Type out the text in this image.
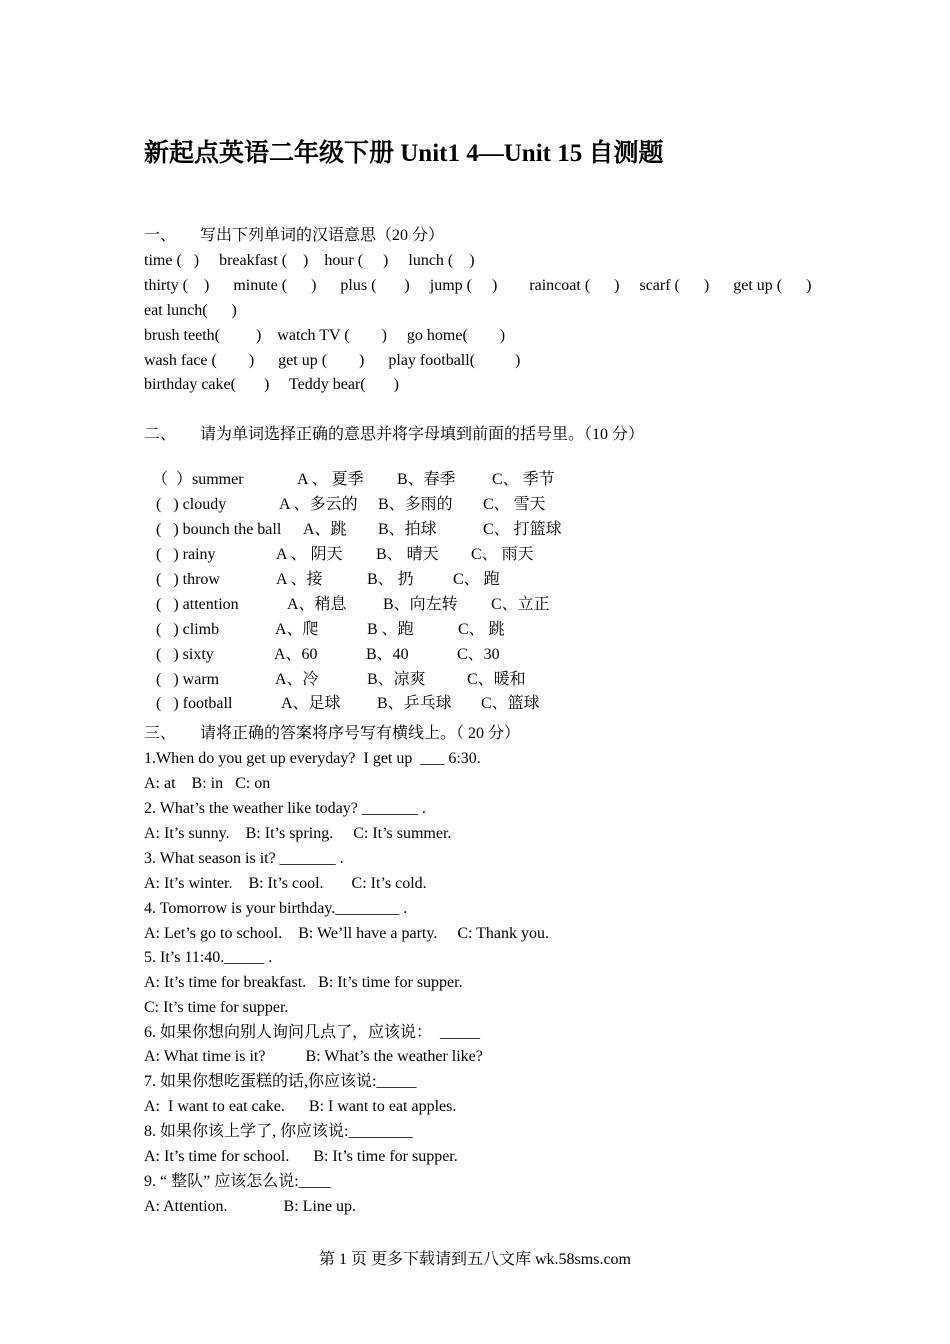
新起点英语二年级下册 Unit1 4—Unit 15 自测题
一、      写出下列单词的汉语意思（20 分）
time (   )     breakfast (    )    hour (     )     lunch (    )
thirty (    )      minute (      )      plus (       )     jump (     )        raincoat (      )     scarf (      )      get up (      )
eat lunch(      )
brush teeth(         )    watch TV (        )     go home(        )
wash face (        )      get up (        )      play football(          )
birthday cake(       )     Teddy bear(       )
二、      请为单词选择正确的意思并将字母填到前面的括号里。（10 分）

（  ）summer	A 、 夏季 B、春季 C、 季节

(   ) cloudy	A 、多云的 B、多雨的 C、 雪天

(   ) bounch the ball A、跳 B、拍球	C、 打篮球

(   ) rainy	A 、 阴天 B、 晴天 C、 雨天

(   ) throw	A 、接	B、 扔 C、 跑

(   ) attention	A、稍息 B、向左转 C、立正

(   ) climb	A、爬	B 、跑	C、 跳

(   ) sixty	A、60	B、40	C、30

(   ) warm	A、冷	B、凉爽	C、暖和

(   ) football	A、足球 B、乒乓球 C、篮球

三、      请将正确的答案将序号写有横线上。（ 20 分）
1.When do you get up everyday?  I get up  ___ 6:30.
A: at    B: in   C: on
2. What’s the weather like today? _______ .
A: It’s sunny.    B: It’s spring.     C: It’s summer.
3. What season is it? _______ .
A: It’s winter.    B: It’s cool.       C: It’s cold.
4. Tomorrow is your birthday.________ .
A: Let’s go to school.    B: We’ll have a party.     C: Thank you.
5. It’s 11:40._____ .
A: It’s time for breakfast.   B: It’s time for supper.
C: It’s time for supper.
6. 如果你想向别人询问几点了，应该说：  _____
A: What time is it?          B: What’s the weather like?
7. 如果你想吃蛋糕的话,你应该说:_____
A:  I want to eat cake.      B: I want to eat apples.
8. 如果你该上学了, 你应该说:________
A: It’s time for school.      B: It’s time for supper.
9. “ 整队” 应该怎么说:____
A: Attention.              B: Line up.
第 1 页 更多下载请到五八文库 wk.58sms.com
